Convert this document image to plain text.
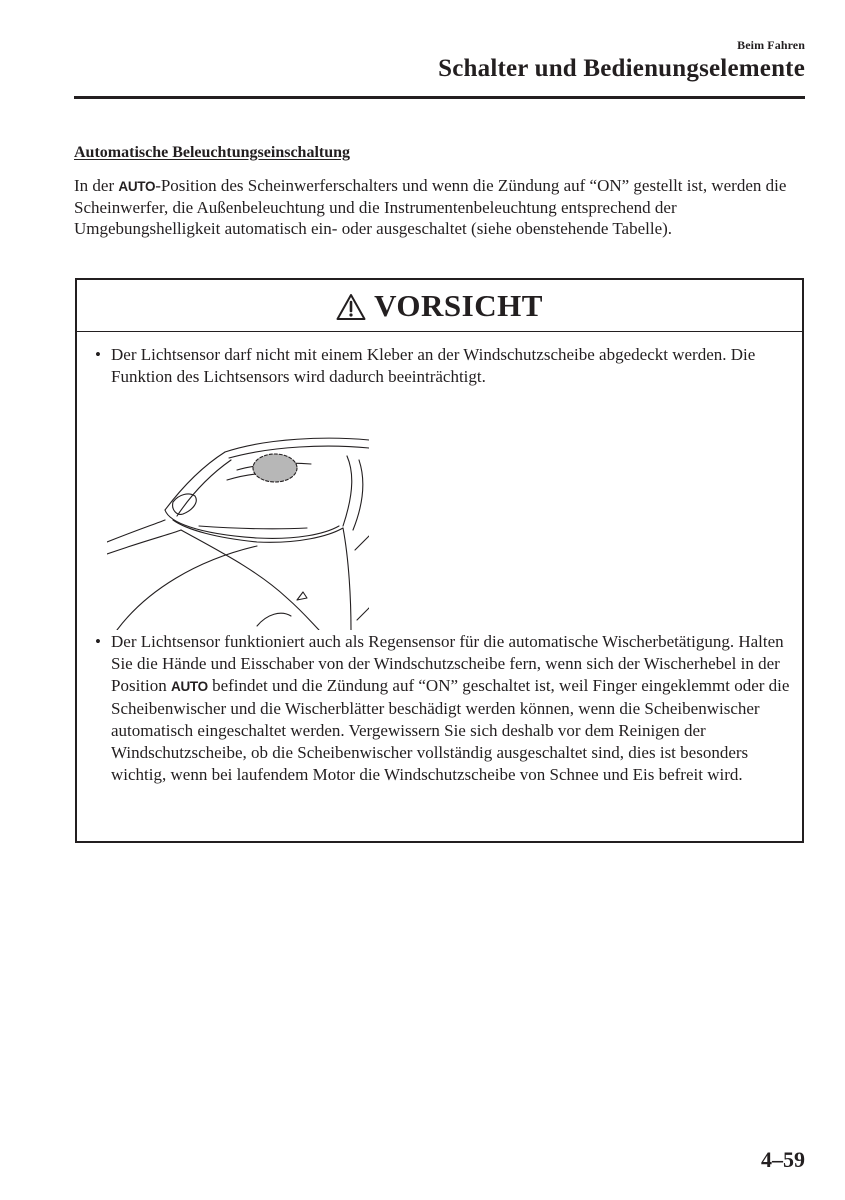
Beim Fahren
Schalter und Bedienungselemente
Automatische Beleuchtungseinschaltung
In der AUTO-Position des Scheinwerferschalters und wenn die Zündung auf “ON” gestellt ist, werden die Scheinwerfer, die Außenbeleuchtung und die Instrumentenbeleuchtung entsprechend der Umgebungshelligkeit automatisch ein- oder ausgeschaltet (siehe obenstehende Tabelle).
VORSICHT
• Der Lichtsensor darf nicht mit einem Kleber an der Windschutzscheibe abgedeckt werden. Die Funktion des Lichtsensors wird dadurch beeinträchtigt.
• Der Lichtsensor funktioniert auch als Regensensor für die automatische Wischerbetätigung. Halten Sie die Hände und Eisschaber von der Windschutzscheibe fern, wenn sich der Wischerhebel in der Position AUTO befindet und die Zündung auf “ON” geschaltet ist, weil Finger eingeklemmt oder die Scheibenwischer und die Wischerblätter beschädigt werden können, wenn die Scheibenwischer automatisch eingeschaltet werden. Vergewissern Sie sich deshalb vor dem Reinigen der Windschutzscheibe, ob die Scheibenwischer vollständig ausgeschaltet sind, dies ist besonders wichtig, wenn bei laufendem Motor die Windschutzscheibe von Schnee und Eis befreit wird.
4–59
